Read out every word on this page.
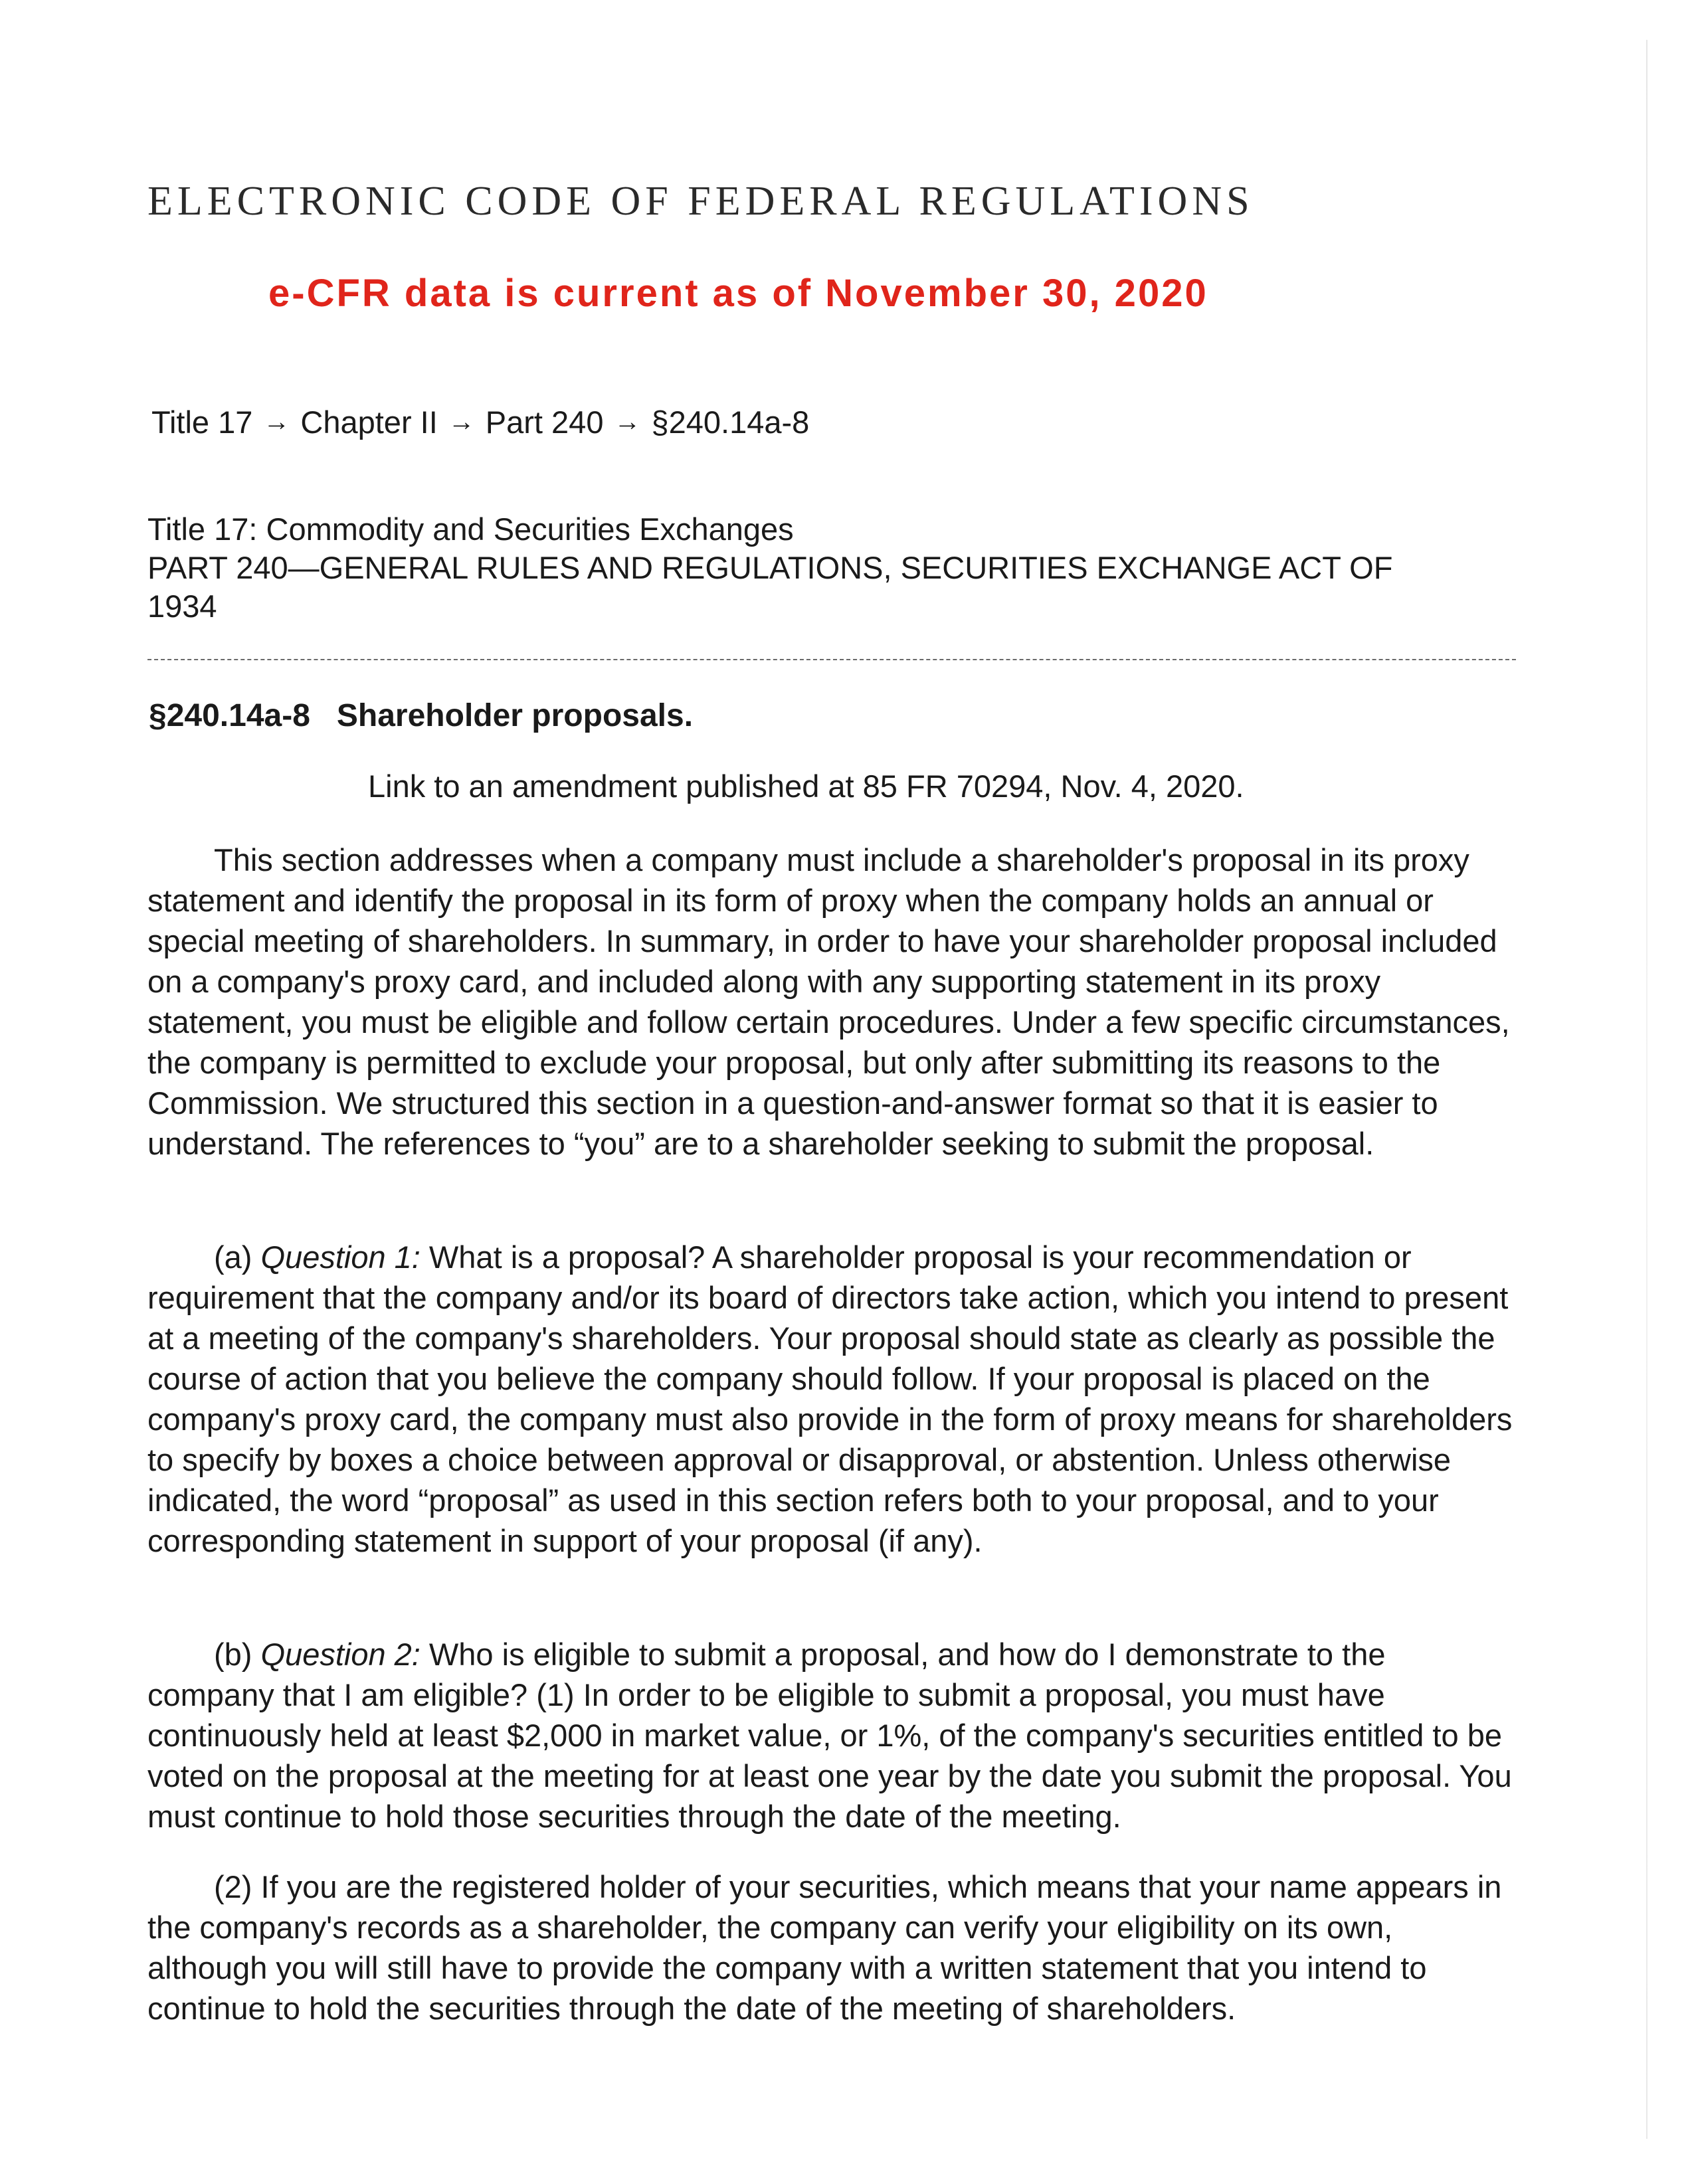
ELECTRONIC CODE OF FEDERAL REGULATIONS
e-CFR data is current as of November 30, 2020
Title 17 → Chapter II → Part 240 → §240.14a-8
Title 17: Commodity and Securities Exchanges
PART 240—GENERAL RULES AND REGULATIONS, SECURITIES EXCHANGE ACT OF
1934
§240.14a-8 Shareholder proposals.
Link to an amendment published at 85 FR 70294, Nov. 4, 2020.

This section addresses when a company must include a shareholder's proposal in its proxy statement and identify the proposal in its form of proxy when the company holds an annual or special meeting of shareholders. In summary, in order to have your shareholder proposal included on a company's proxy card, and included along with any supporting statement in its proxy statement, you must be eligible and follow certain procedures. Under a few specific circumstances, the company is permitted to exclude your proposal, but only after submitting its reasons to the Commission. We structured this section in a question-and-answer format so that it is easier to understand. The references to “you” are to a shareholder seeking to submit the proposal.

(a) Question 1: What is a proposal? A shareholder proposal is your recommendation or requirement that the company and/or its board of directors take action, which you intend to present at a meeting of the company's shareholders. Your proposal should state as clearly as possible the course of action that you believe the company should follow. If your proposal is placed on the company's proxy card, the company must also provide in the form of proxy means for shareholders to specify by boxes a choice between approval or disapproval, or abstention. Unless otherwise indicated, the word “proposal” as used in this section refers both to your proposal, and to your corresponding statement in support of your proposal (if any).

(b) Question 2: Who is eligible to submit a proposal, and how do I demonstrate to the company that I am eligible? (1) In order to be eligible to submit a proposal, you must have continuously held at least $2,000 in market value, or 1%, of the company's securities entitled to be voted on the proposal at the meeting for at least one year by the date you submit the proposal. You must continue to hold those securities through the date of the meeting.

(2) If you are the registered holder of your securities, which means that your name appears in the company's records as a shareholder, the company can verify your eligibility on its own, although you will still have to provide the company with a written statement that you intend to continue to hold the securities through the date of the meeting of shareholders.
